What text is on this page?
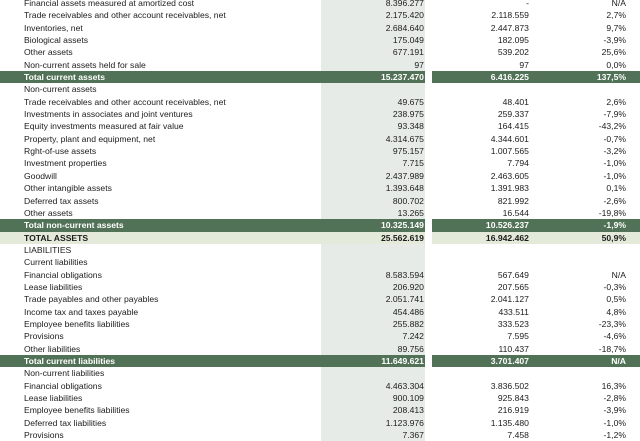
Financial assets measured at amortized cost	8.396.277		-	N/A
Trade receivables and other account receivables, net	2.175.420		2.118.559	2,7%
Inventories, net	2.684.640		2.447.873	9,7%
Biological assets	175.049		182.095	-3,9%
Other assets	677.191		539.202	25,6%
Non-current assets held for sale	97		97	0,0%
Total current assets	15.237.470		6.416.225	137,5%
Non-current assets				
Trade receivables and other account receivables, net	49.675		48.401	2,6%
Investments in associates and joint ventures	238.975		259.337	-7,9%
Equity investments measured at fair value	93.348		164.415	-43,2%
Property, plant and equipment, net	4.314.675		4.344.601	-0,7%
Rght-of-use assets	975.157		1.007.565	-3,2%
Investment properties	7.715		7.794	-1,0%
Goodwill	2.437.989		2.463.605	-1,0%
Other intangible assets	1.393.648		1.391.983	0,1%
Deferred tax assets	800.702		821.992	-2,6%
Other assets	13.265		16.544	-19,8%
Total non-current assets	10.325.149		10.526.237	-1,9%
TOTAL ASSETS	25.562.619		16.942.462	50,9%
LIABILITIES				
Current liabilities				
Financial obligations	8.583.594		567.649	N/A
Lease liabilities	206.920		207.565	-0,3%
Trade payables and other payables	2.051.741		2.041.127	0,5%
Income tax and taxes payable	454.486		433.511	4,8%
Employee benefits liabilities	255.882		333.523	-23,3%
Provisions	7.242		7.595	-4,6%
Other liabilities	89.756		110.437	-18,7%
Total current liabilities	11.649.621		3.701.407	N/A
Non-current liabilities				
Financial obligations	4.463.304		3.836.502	16,3%
Lease liabilities	900.109		925.843	-2,8%
Employee benefits liabilities	208.413		216.919	-3,9%
Deferred tax liabilities	1.123.976		1.135.480	-1,0%
Provisions	7.367		7.458	-1,2%
